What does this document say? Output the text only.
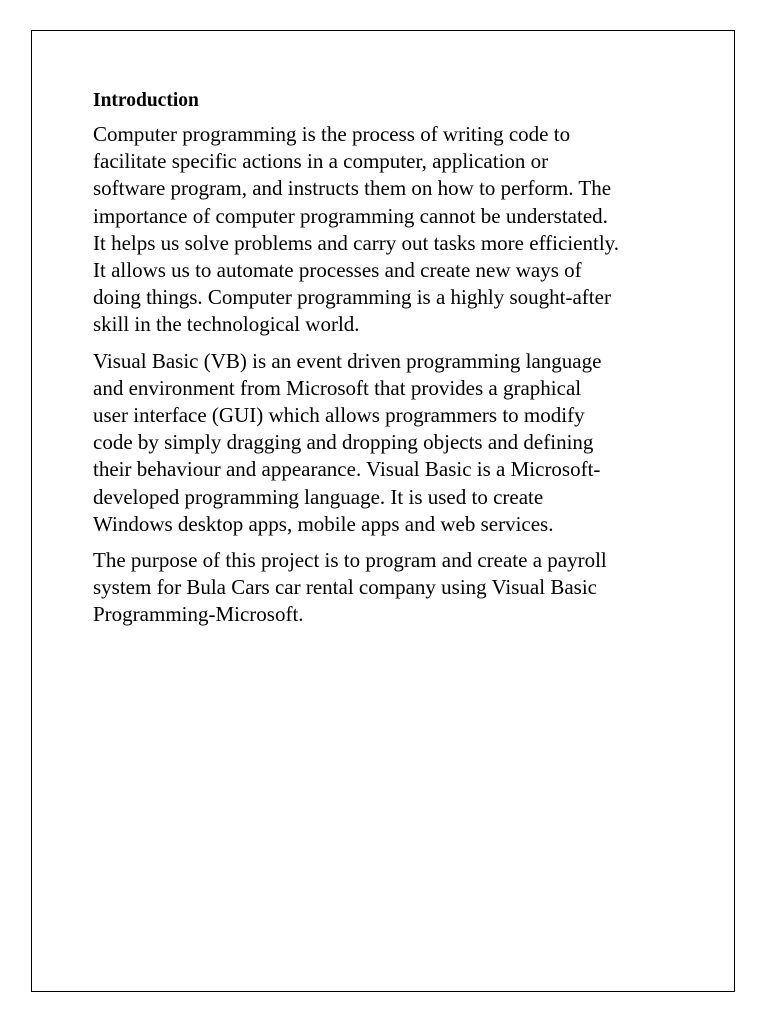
Introduction
Computer programming is the process of writing code to
facilitate specific actions in a computer, application or
software program, and instructs them on how to perform. The
importance of computer programming cannot be understated.
It helps us solve problems and carry out tasks more efficiently.
It allows us to automate processes and create new ways of
doing things. Computer programming is a highly sought-after
skill in the technological world.
Visual Basic (VB) is an event driven programming language
and environment from Microsoft that provides a graphical
user interface (GUI) which allows programmers to modify
code by simply dragging and dropping objects and defining
their behaviour and appearance. Visual Basic is a Microsoft-
developed programming language. It is used to create
Windows desktop apps, mobile apps and web services.
The purpose of this project is to program and create a payroll
system for Bula Cars car rental company using Visual Basic
Programming-Microsoft.
